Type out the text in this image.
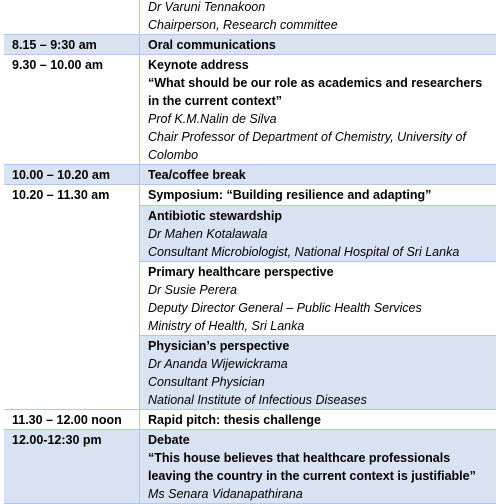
Dr Varuni Tennakoon
Chairperson, Research committee
8.15 – 9:30 am	Oral communications
9.30 – 10.00 am	Keynote address
“What should be our role as academics and researchers in the current context”
Prof K.M.Nalin de Silva
Chair Professor of Department of Chemistry, University of Colombo
10.00 – 10.20 am	Tea/coffee break
10.20 – 11.30 am	Symposium: “Building resilience and adapting”
Antibiotic stewardship
Dr Mahen Kotalawala
Consultant Microbiologist, National Hospital of Sri Lanka
Primary healthcare perspective
Dr Susie Perera
Deputy Director General – Public Health Services
Ministry of Health, Sri Lanka
Physician’s perspective
Dr Ananda Wijewickrama
Consultant Physician
National Institute of Infectious Diseases
11.30 – 12.00 noon	Rapid pitch: thesis challenge
12.00-12:30 pm	Debate
“This house believes that healthcare professionals leaving the country in the current context is justifiable”
Ms Senara Vidanapathirana
